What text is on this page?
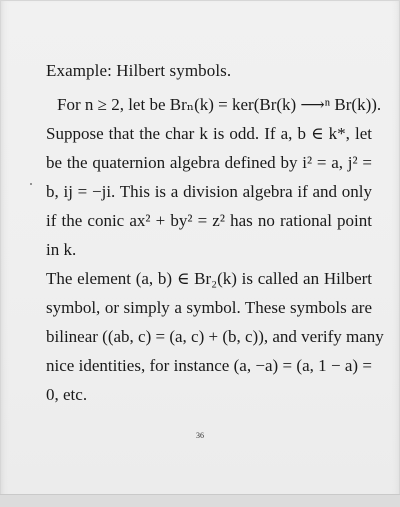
Example: Hilbert symbols.
For n ≥ 2, let be Brₙ(k) = ker(Br(k) ⟶ⁿ Br(k)).
Suppose that the char k is odd. If a, b ∈ k*, let
be the quaternion algebra defined by i² = a, j² =
b, ij = −ji. This is a division algebra if and only
if the conic ax² + by² = z² has no rational point
in k.
The element (a, b) ∈ Br₂(k) is called an Hilbert
symbol, or simply a symbol. These symbols are
bilinear ((ab, c) = (a, c) + (b, c)), and verify many
nice identities, for instance (a, −a) = (a, 1 − a) =
0, etc.
36
